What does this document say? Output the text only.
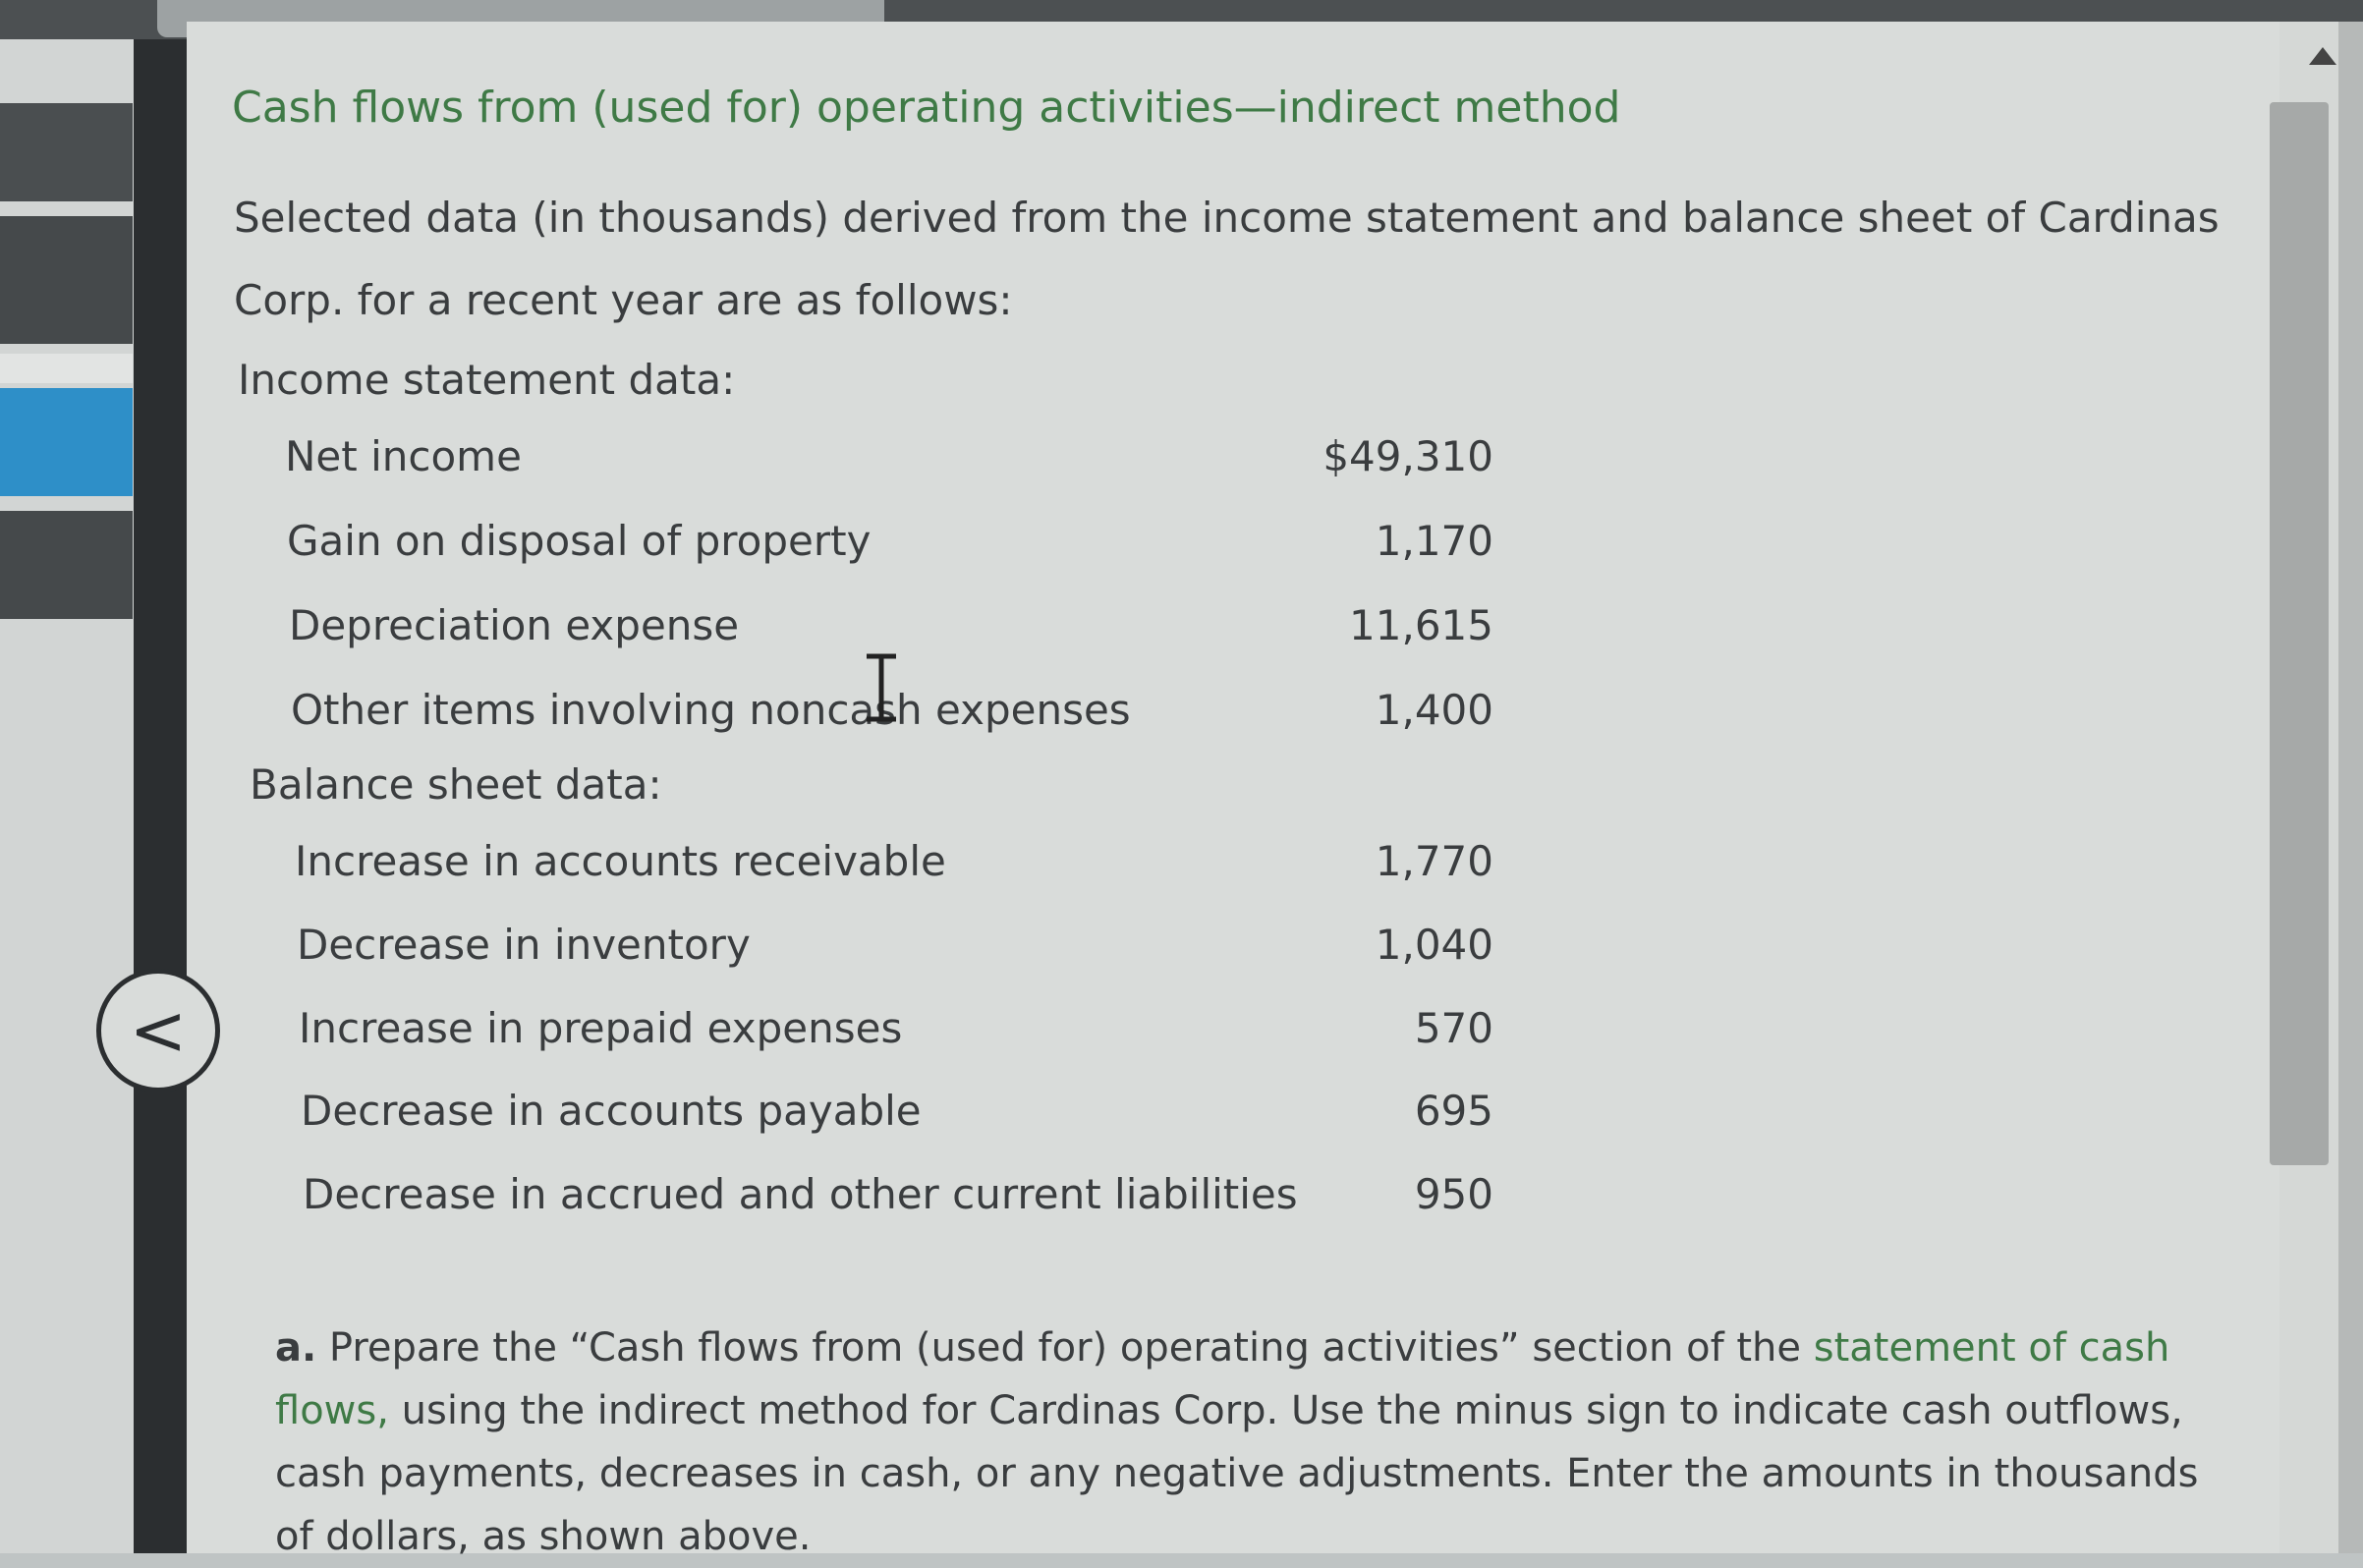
Cash flows from (used for) operating activities—indirect method

Selected data (in thousands) derived from the income statement and balance sheet of Cardinas Corp. for a recent year are as follows:

Income statement data:
Net income	$49,310
Gain on disposal of property	1,170
Depreciation expense	11,615
Other items involving noncash expenses	1,400
Balance sheet data:
Increase in accounts receivable	1,770
Decrease in inventory	1,040
Increase in prepaid expenses	570
Decrease in accounts payable	695
Decrease in accrued and other current liabilities	950

a. Prepare the “Cash flows from (used for) operating activities” section of the statement of cash flows, using the indirect method for Cardinas Corp. Use the minus sign to indicate cash outflows, cash payments, decreases in cash, or any negative adjustments. Enter the amounts in thousands of dollars, as shown above.

<
